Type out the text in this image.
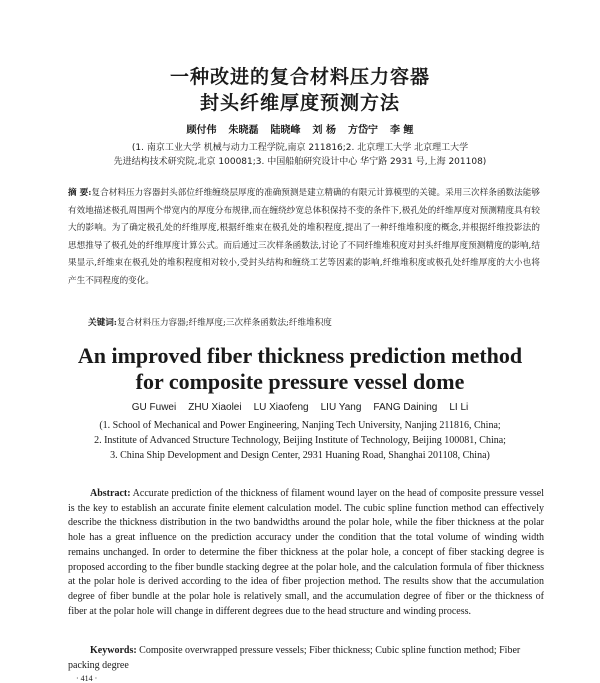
一种改进的复合材料压力容器
封头纤维厚度预测方法
顾付伟 朱晓磊 陆晓峰 刘 杨 方岱宁 李 鲤
(1. 南京工业大学 机械与动力工程学院,南京 211816;2. 北京理工大学 北京理工大学
先进结构技术研究院,北京 100081;3. 中国船舶研究设计中心 华宁路 2931 号,上海 201108)
摘 要:复合材料压力容器封头部位纤维缠绕层厚度的准确预测是建立精确的有限元计算模型的关键。采用三次样条函数法能够有效地描述极孔周围两个带宽内的厚度分布规律,而在缠绕纱宽总体积保持不变的条件下,极孔处的纤维厚度对预测精度具有较大的影响。为了确定极孔处的纤维厚度,根据纤维束在极孔处的堆积程度,提出了一种纤维堆积度的概念,并根据纤维投影法的思想推导了极孔处的纤维厚度计算公式。而后通过三次样条函数法,讨论了不同纤维堆积度对封头纤维厚度预测精度的影响,结果显示,纤维束在极孔处的堆积程度相对较小,受封头结构和缠绕工艺等因素的影响,纤维堆积度或极孔处纤维厚度的大小也将产生不同程度的变化。
关键词:复合材料压力容器;纤维厚度;三次样条函数法;纤维堆积度
An improved fiber thickness prediction method
for composite pressure vessel dome
GU Fuwei ZHU Xiaolei LU Xiaofeng LIU Yang FANG Daining LI Li
(1. School of Mechanical and Power Engineering, Nanjing Tech University, Nanjing 211816, China;
2. Institute of Advanced Structure Technology, Beijing Institute of Technology, Beijing 100081, China;
3. China Ship Development and Design Center, 2931 Huaning Road, Shanghai 201108, China)
Abstract: Accurate prediction of the thickness of filament wound layer on the head of composite pressure vessel is the key to establish an accurate finite element calculation model. The cubic spline function method can effectively describe the thickness distribution in the two bandwidths around the polar hole, while the fiber thickness at the polar hole has a great influence on the prediction accuracy under the condition that the total volume of winding width remains unchanged. In order to determine the fiber thickness at the polar hole, a concept of fiber stacking degree is proposed according to the fiber bundle stacking degree at the polar hole, and the calculation formula of fiber thickness at the polar hole is derived according to the idea of fiber projection method. The results show that the accumulation degree of fiber bundle at the polar hole is relatively small, and the accumulation degree of fiber or the thickness of fiber at the polar hole will change in different degrees due to the head structure and winding process.
Keywords: Composite overwrapped pressure vessels; Fiber thickness; Cubic spline function method; Fiber packing degree
· 414 ·
